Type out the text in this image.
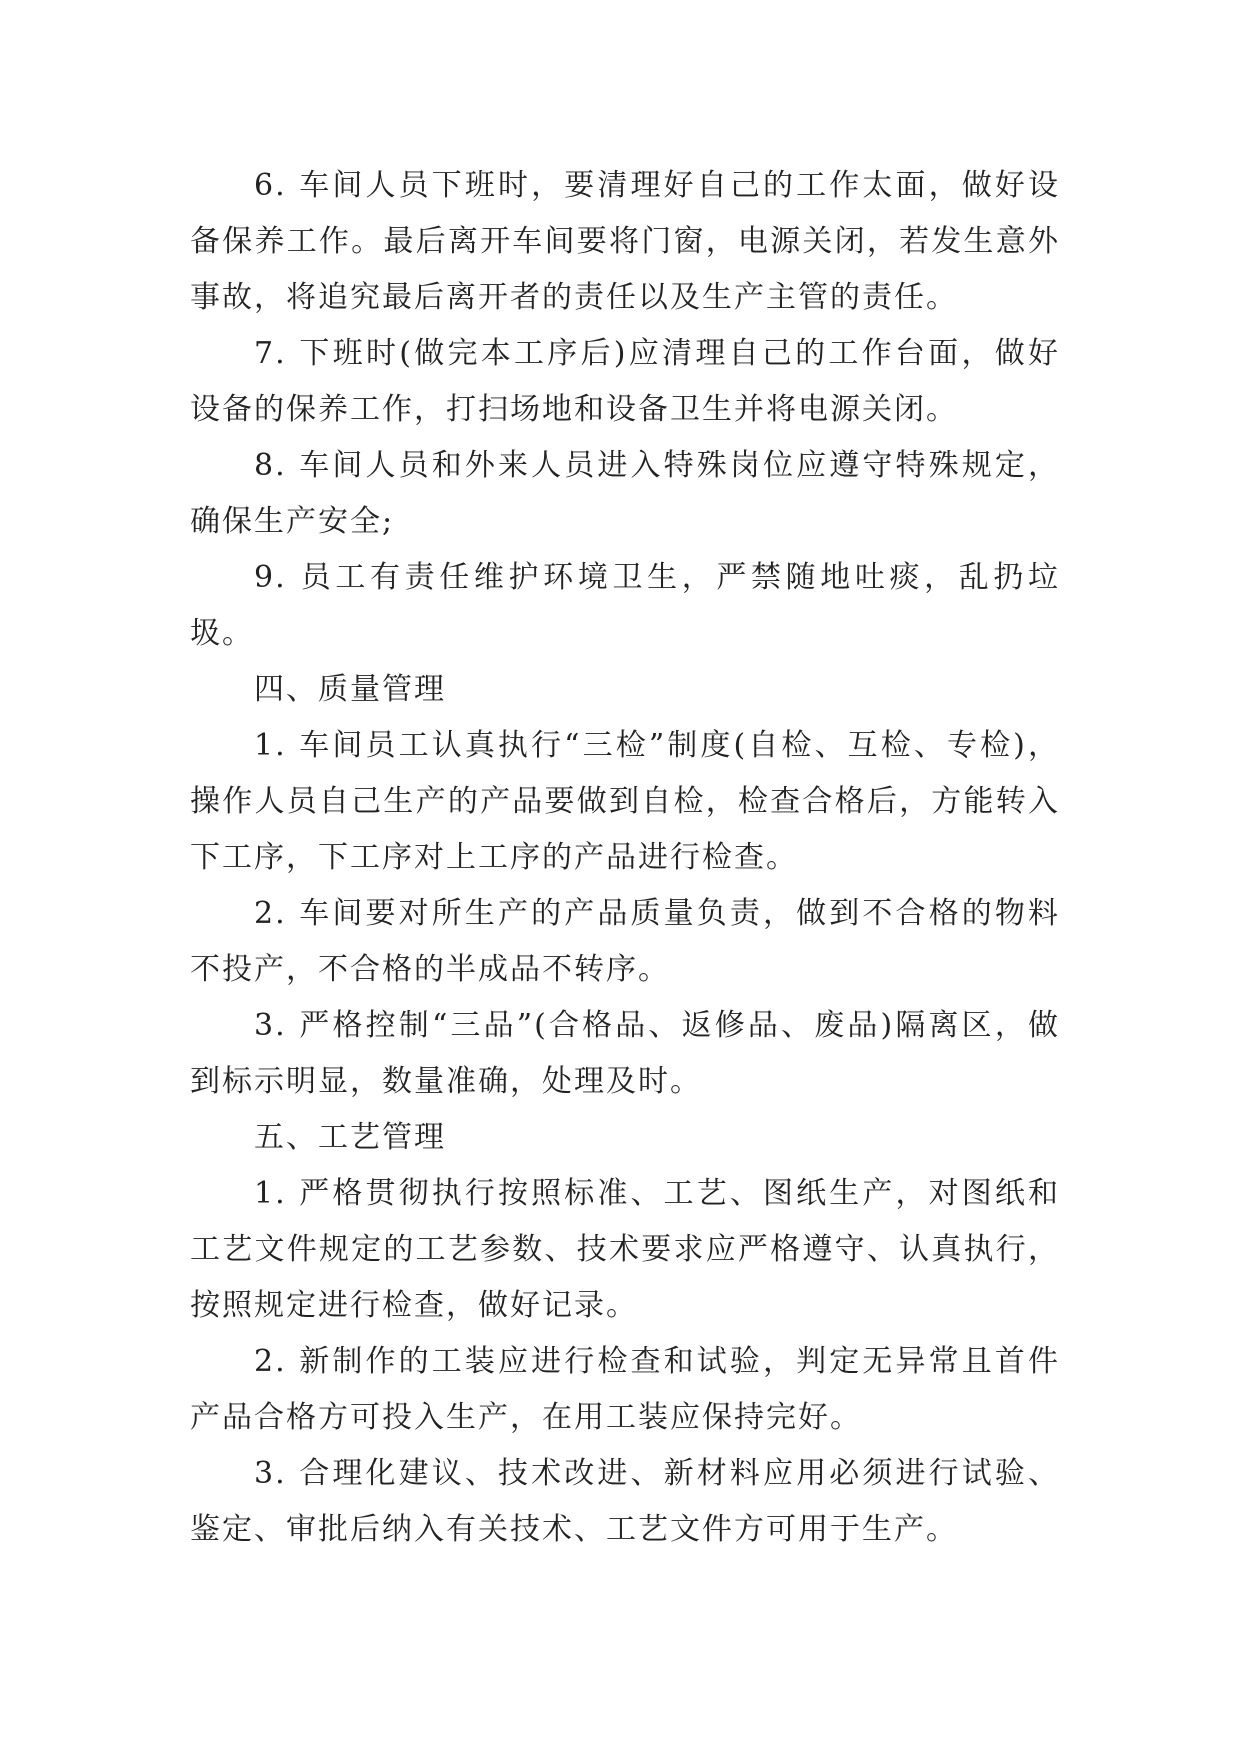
6. 车间人员下班时，要清理好自己的工作太面，做好设备保养工作。最后离开车间要将门窗，电源关闭，若发生意外事故，将追究最后离开者的责任以及生产主管的责任。

7. 下班时(做完本工序后)应清理自己的工作台面，做好设备的保养工作，打扫场地和设备卫生并将电源关闭。

8. 车间人员和外来人员进入特殊岗位应遵守特殊规定，确保生产安全;

9. 员工有责任维护环境卫生，严禁随地吐痰，乱扔垃圾。

四、质量管理

1. 车间员工认真执行“三检”制度(自检、互检、专检)，操作人员自己生产的产品要做到自检，检查合格后，方能转入下工序，下工序对上工序的产品进行检查。

2. 车间要对所生产的产品质量负责，做到不合格的物料不投产，不合格的半成品不转序。

3. 严格控制“三品”(合格品、返修品、废品)隔离区，做到标示明显，数量准确，处理及时。

五、工艺管理

1. 严格贯彻执行按照标准、工艺、图纸生产，对图纸和工艺文件规定的工艺参数、技术要求应严格遵守、认真执行，按照规定进行检查，做好记录。

2. 新制作的工装应进行检查和试验，判定无异常且首件产品合格方可投入生产，在用工装应保持完好。

3. 合理化建议、技术改进、新材料应用必须进行试验、鉴定、审批后纳入有关技术、工艺文件方可用于生产。
